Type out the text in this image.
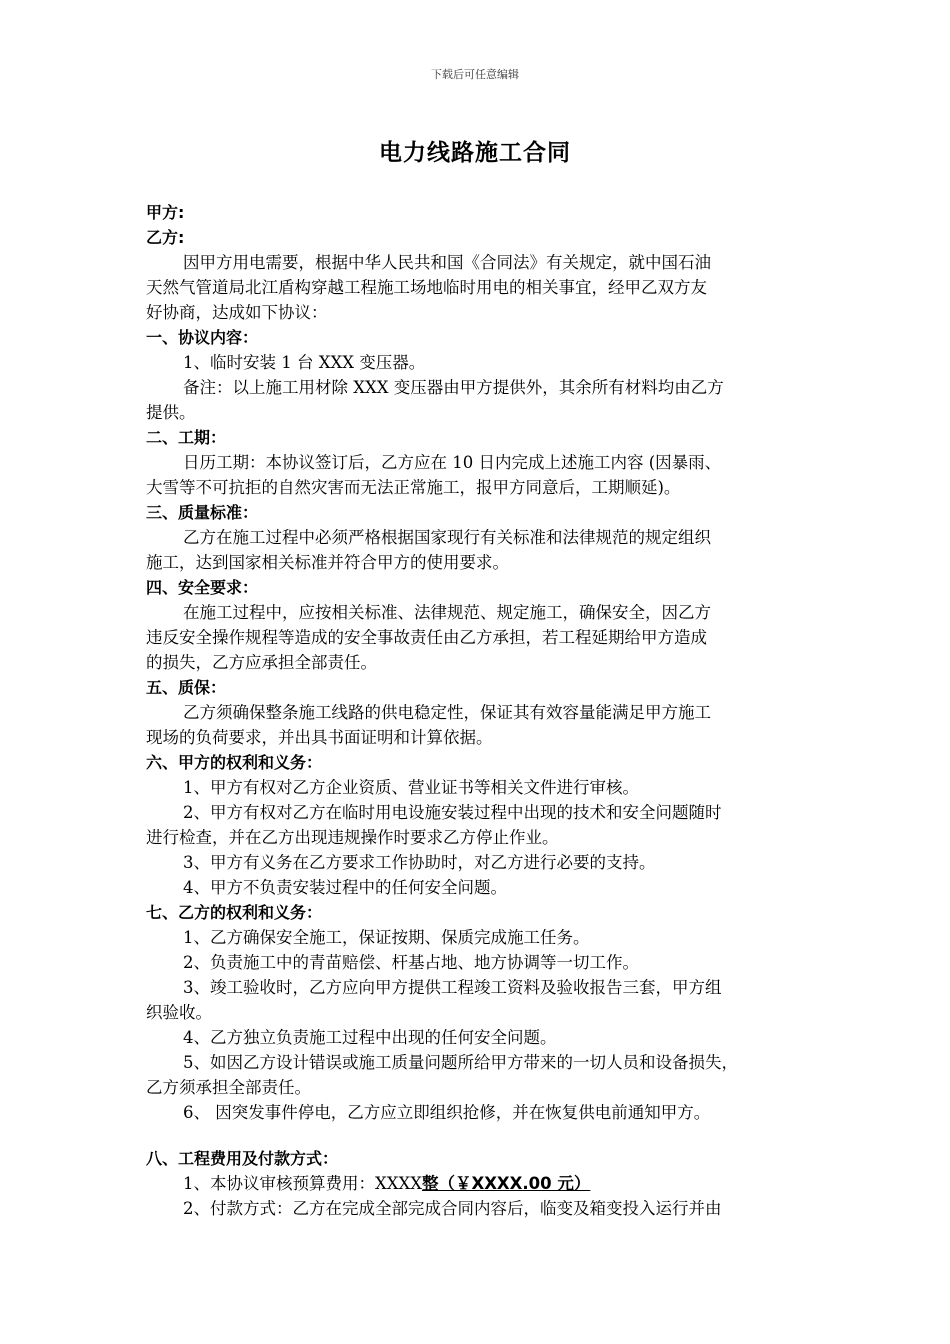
下载后可任意编辑
电力线路施工合同
甲方:
乙方:
因甲方用电需要，根据中华人民共和国《合同法》有关规定，就中国石油
天然气管道局北江盾构穿越工程施工场地临时用电的相关事宜，经甲乙双方友
好协商，达成如下协议：
一、协议内容：
1、临时安装 1 台 XXX 变压器。
备注：以上施工用材除 XXX 变压器由甲方提供外，其余所有材料均由乙方
提供。
二、工期：
日历工期：本协议签订后，乙方应在 10 日内完成上述施工内容 (因暴雨、
大雪等不可抗拒的自然灾害而无法正常施工，报甲方同意后，工期顺延)。
三、质量标准：
乙方在施工过程中必须严格根据国家现行有关标准和法律规范的规定组织
施工，达到国家相关标准并符合甲方的使用要求。
四、安全要求：
在施工过程中，应按相关标准、法律规范、规定施工，确保安全，因乙方
违反安全操作规程等造成的安全事故责任由乙方承担，若工程延期给甲方造成
的损失，乙方应承担全部责任。
五、质保：
乙方须确保整条施工线路的供电稳定性，保证其有效容量能满足甲方施工
现场的负荷要求，并出具书面证明和计算依据。
六、甲方的权利和义务：
1、甲方有权对乙方企业资质、营业证书等相关文件进行审核。
2、甲方有权对乙方在临时用电设施安装过程中出现的技术和安全问题随时
进行检查，并在乙方出现违规操作时要求乙方停止作业。
3、甲方有义务在乙方要求工作协助时，对乙方进行必要的支持。
4、甲方不负责安装过程中的任何安全问题。
七、乙方的权利和义务：
1、乙方确保安全施工，保证按期、保质完成施工任务。
2、负责施工中的青苗赔偿、杆基占地、地方协调等一切工作。
3、竣工验收时，乙方应向甲方提供工程竣工资料及验收报告三套，甲方组
织验收。
4、乙方独立负责施工过程中出现的任何安全问题。
5、如因乙方设计错误或施工质量问题所给甲方带来的一切人员和设备损失，
乙方须承担全部责任。
6、 因突发事件停电，乙方应立即组织抢修，并在恢复供电前通知甲方。
八、工程费用及付款方式：
1、本协议审核预算费用：XXXX整（￥XXXX.00 元）
2、付款方式：乙方在完成全部完成合同内容后，临变及箱变投入运行并由
